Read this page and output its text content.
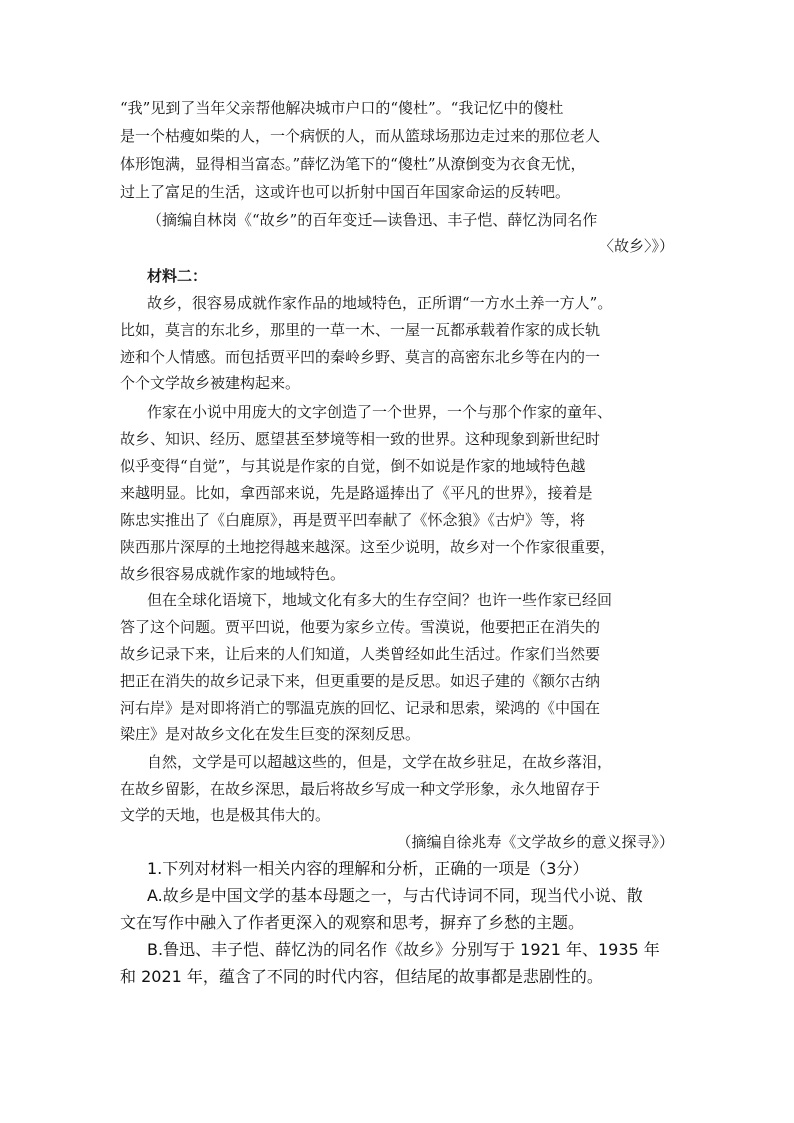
“我”见到了当年父亲帮他解决城市户口的“傻杜”。“我记忆中的傻杜
是一个枯瘦如柴的人，一个病恹的人，而从篮球场那边走过来的那位老人
体形饱满，显得相当富态。”薛忆沩笔下的“傻杜”从潦倒变为衣食无忧，
过上了富足的生活，这或许也可以折射中国百年国家命运的反转吧。
（摘编自林岗《“故乡”的百年变迁—读鲁迅、丰子恺、薛忆沩同名作
〈故乡〉》）
材料二：
故乡，很容易成就作家作品的地域特色，正所谓“一方水土养一方人”。
比如，莫言的东北乡，那里的一草一木、一屋一瓦都承载着作家的成长轨
迹和个人情感。而包括贾平凹的秦岭乡野、莫言的高密东北乡等在内的一
个个文学故乡被建构起来。
作家在小说中用庞大的文字创造了一个世界，一个与那个作家的童年、
故乡、知识、经历、愿望甚至梦境等相一致的世界。这种现象到新世纪时
似乎变得“自觉”，与其说是作家的自觉，倒不如说是作家的地域特色越
来越明显。比如，拿西部来说，先是路遥捧出了《平凡的世界》，接着是
陈忠实推出了《白鹿原》，再是贾平凹奉献了《怀念狼》《古炉》等，将
陕西那片深厚的土地挖得越来越深。这至少说明，故乡对一个作家很重要，
故乡很容易成就作家的地域特色。
但在全球化语境下，地域文化有多大的生存空间？也许一些作家已经回
答了这个问题。贾平凹说，他要为家乡立传。雪漠说，他要把正在消失的
故乡记录下来，让后来的人们知道，人类曾经如此生活过。作家们当然要
把正在消失的故乡记录下来，但更重要的是反思。如迟子建的《额尔古纳
河右岸》是对即将消亡的鄂温克族的回忆、记录和思索，梁鸿的《中国在
梁庄》是对故乡文化在发生巨变的深刻反思。
自然，文学是可以超越这些的，但是，文学在故乡驻足，在故乡落泪，
在故乡留影，在故乡深思，最后将故乡写成一种文学形象，永久地留存于
文学的天地，也是极其伟大的。
（摘编自徐兆寿《文学故乡的意义探寻》）
1.下列对材料一相关内容的理解和分析，正确的一项是（3分）
A.故乡是中国文学的基本母题之一，与古代诗词不同，现当代小说、散
文在写作中融入了作者更深入的观察和思考，摒弃了乡愁的主题。
B.鲁迅、丰子恺、薛忆沩的同名作《故乡》分别写于 1921 年、1935 年
和 2021 年，蕴含了不同的时代内容，但结尾的故事都是悲剧性的。
